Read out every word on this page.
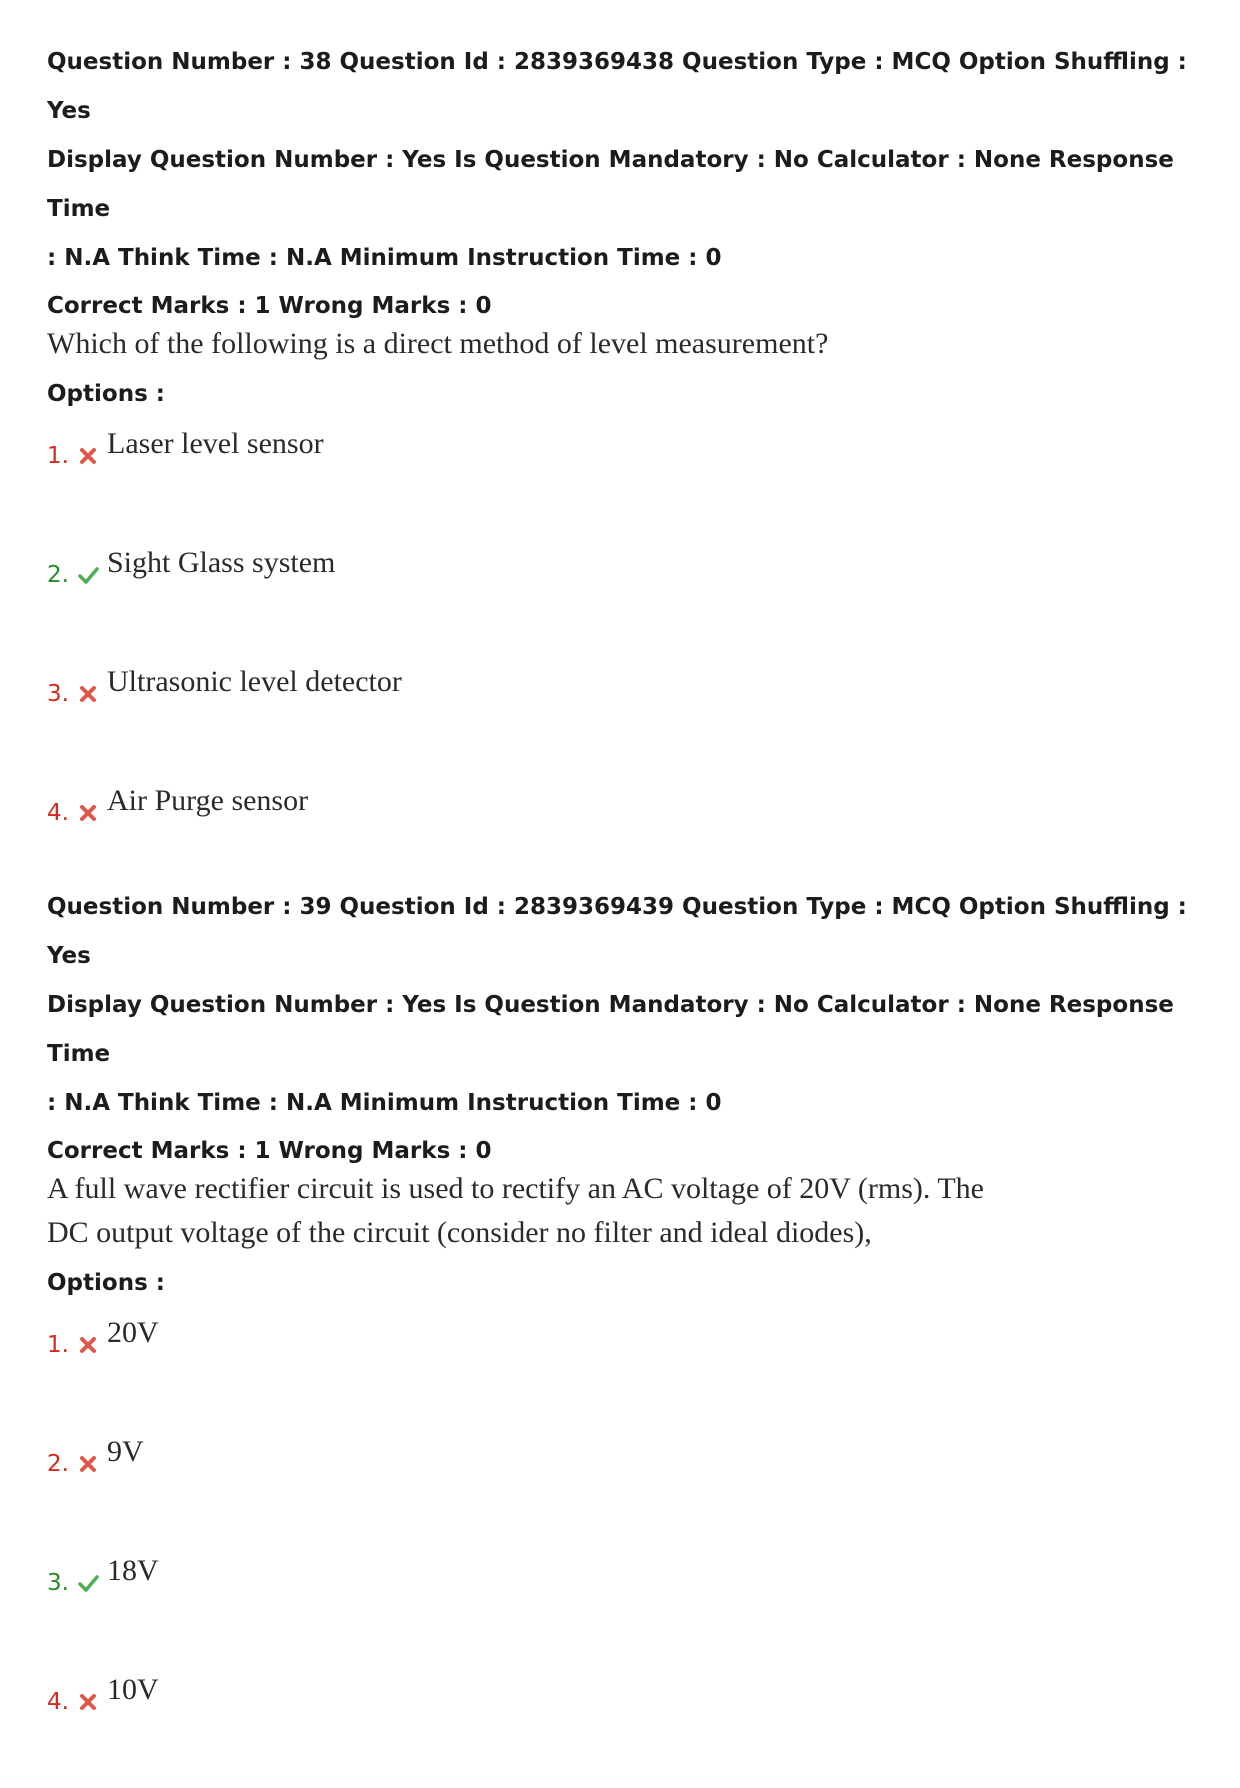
Question Number : 38 Question Id : 2839369438 Question Type : MCQ Option Shuffling : Yes
Display Question Number : Yes Is Question Mandatory : No Calculator : None Response Time
: N.A Think Time : N.A Minimum Instruction Time : 0
Correct Marks : 1 Wrong Marks : 0
Which of the following is a direct method of level measurement?
Options :
1. Laser level sensor
2. Sight Glass system
3. Ultrasonic level detector
4. Air Purge sensor
Question Number : 39 Question Id : 2839369439 Question Type : MCQ Option Shuffling : Yes
Display Question Number : Yes Is Question Mandatory : No Calculator : None Response Time
: N.A Think Time : N.A Minimum Instruction Time : 0
Correct Marks : 1 Wrong Marks : 0
A full wave rectifier circuit is used to rectify an AC voltage of 20V (rms). The
DC output voltage of the circuit (consider no filter and ideal diodes),
Options :
1. 20V
2. 9V
3. 18V
4. 10V
